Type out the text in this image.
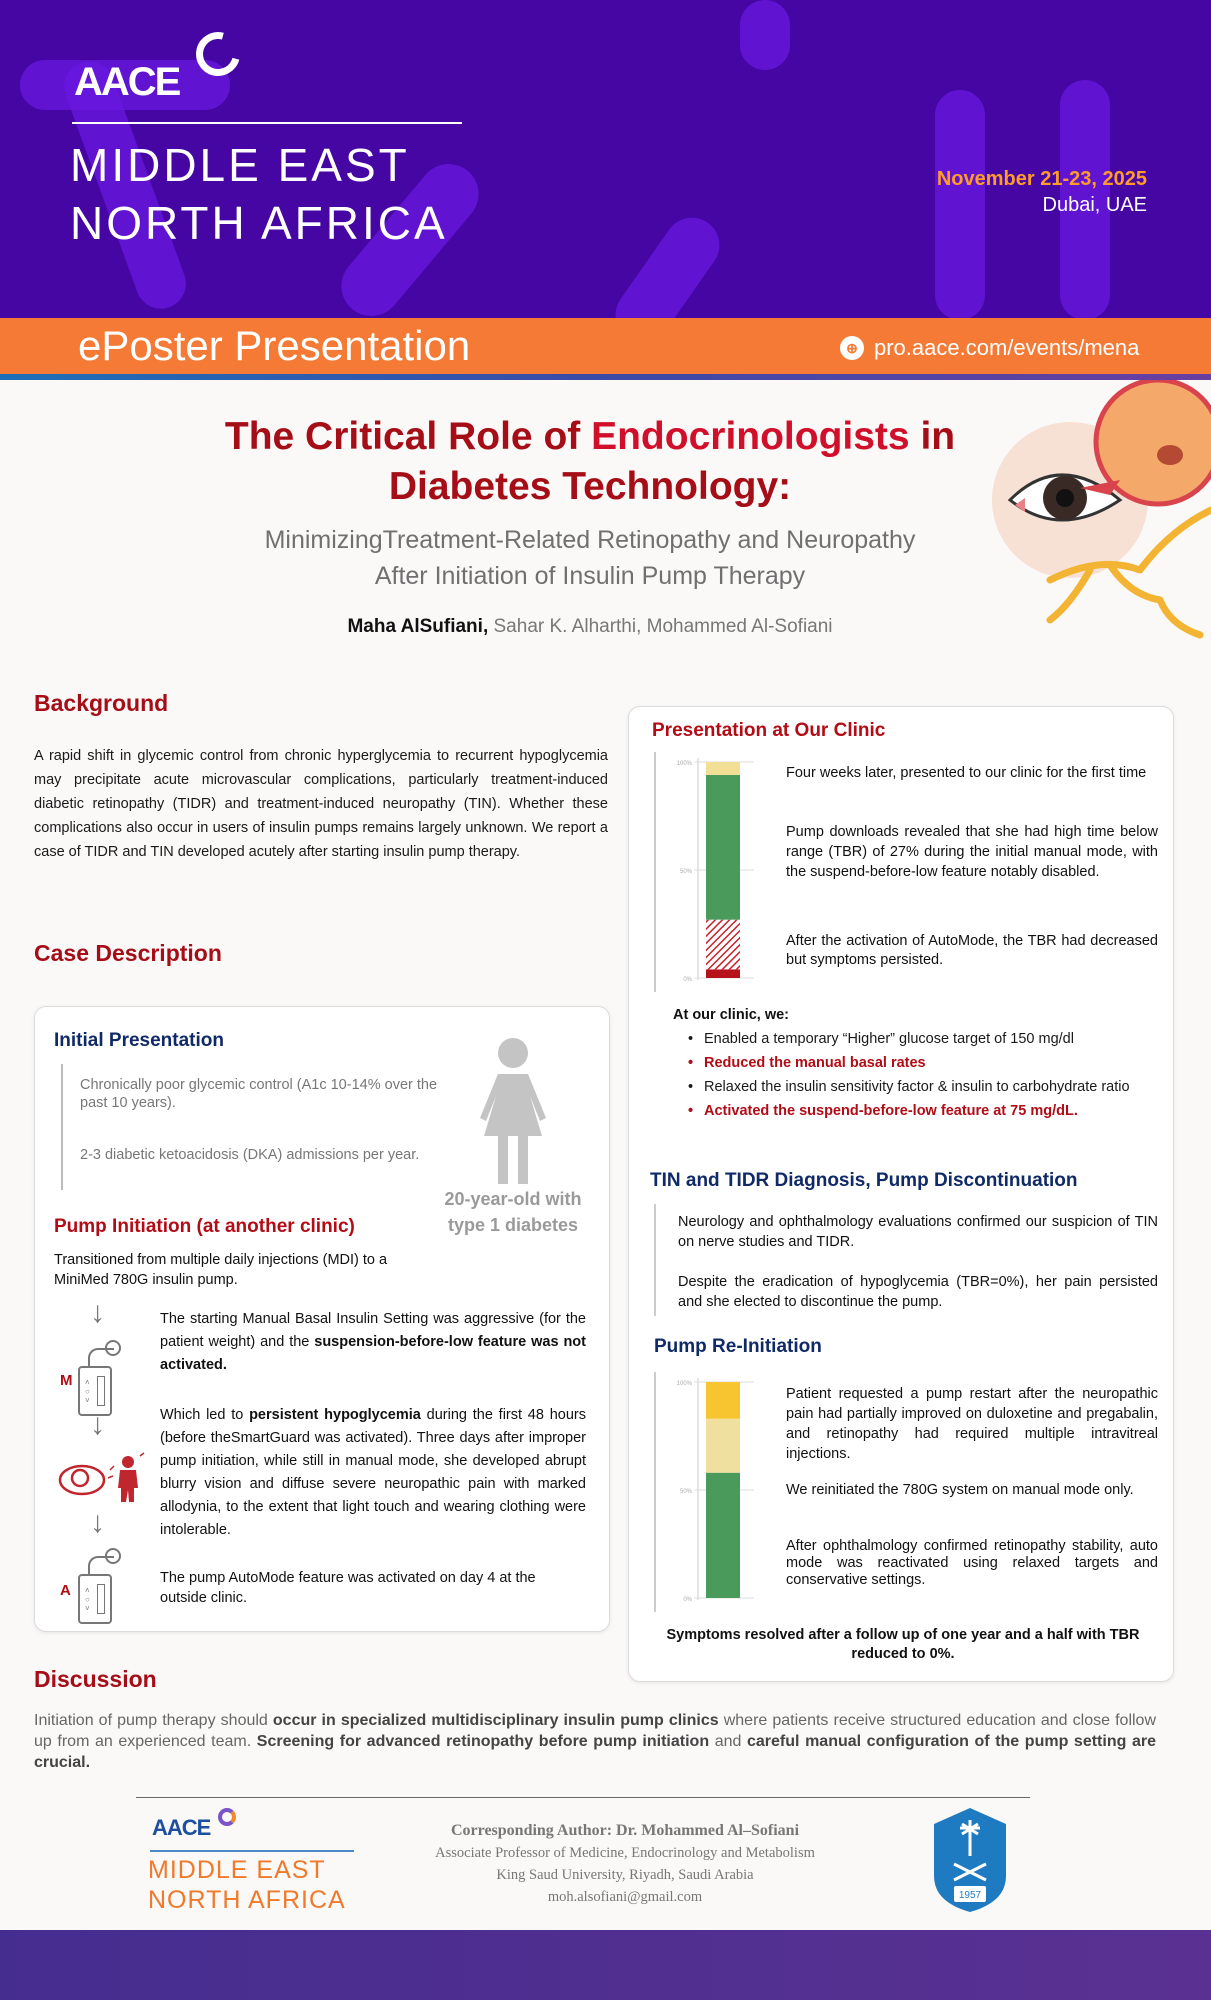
AACE
MIDDLE EAST
NORTH AFRICA
November 21-23, 2025
Dubai, UAE
ePoster Presentation	⊕ pro.aace.com/events/mena
The Critical Role of Endocrinologists in Diabetes Technology:
MinimizingTreatment-Related Retinopathy and Neuropathy
After Initiation of Insulin Pump Therapy
Maha AlSufiani, Sahar K. Alharthi, Mohammed Al-Sofiani
Background
A rapid shift in glycemic control from chronic hyperglycemia to recurrent hypoglycemia may precipitate acute microvascular complications, particularly treatment-induced diabetic retinopathy (TIDR) and treatment-induced neuropathy (TIN). Whether these complications also occur in users of insulin pumps remains largely unknown. We report a case of TIDR and TIN developed acutely after starting insulin pump therapy.
Case Description
Initial Presentation
Chronically poor glycemic control (A1c 10-14% over the past 10 years).
2-3 diabetic ketoacidosis (DKA) admissions per year.
20-year-old with type 1 diabetes
Pump Initiation (at another clinic)
Transitioned from multiple daily injections (MDI) to a MiniMed 780G insulin pump.
↓
˄
○
˅
M
↓
↓
˄
○
˅
A
The starting Manual Basal Insulin Setting was aggressive (for the patient weight) and the suspension-before-low feature was not activated.
Which led to persistent hypoglycemia during the first 48 hours (before theSmartGuard was activated). Three days after improper pump initiation, while still in manual mode, she developed abrupt blurry vision and diffuse severe neuropathic pain with marked allodynia, to the extent that light touch and wearing clothing were intolerable.
The pump AutoMode feature was activated on day 4 at the outside clinic.
Presentation at Our Clinic
0%
50%
100%
Four weeks later, presented to our clinic for the first time
Pump downloads revealed that she had high time below range (TBR) of 27% during the initial manual mode, with the suspend-before-low feature notably disabled.
After the activation of AutoMode, the TBR had decreased but symptoms persisted.
At our clinic, we:
• Enabled a temporary “Higher” glucose target of 150 mg/dl
• Reduced the manual basal rates
• Relaxed the insulin sensitivity factor & insulin to carbohydrate ratio
• Activated the suspend-before-low feature at 75 mg/dL.
TIN and TIDR Diagnosis, Pump Discontinuation
Neurology and ophthalmology evaluations confirmed our suspicion of TIN on nerve studies and TIDR.
Despite the eradication of hypoglycemia (TBR=0%), her pain persisted and she elected to discontinue the pump.
Pump Re-Initiation
0%
50%
100%
Patient requested a pump restart after the neuropathic pain had partially improved on duloxetine and pregabalin, and retinopathy had required multiple intravitreal injections.
We reinitiated the 780G system on manual mode only.
After ophthalmology confirmed retinopathy stability, auto mode was reactivated using relaxed targets and conservative settings.
Symptoms resolved after a follow up of one year and a half with TBR reduced to 0%.
Discussion
Initiation of pump therapy should occur in specialized multidisciplinary insulin pump clinics where patients receive structured education and close follow up from an experienced team. Screening for advanced retinopathy before pump initiation and careful manual configuration of the pump setting are crucial.
AACE
MIDDLE EAST
NORTH AFRICA
Corresponding Author: Dr. Mohammed Al–Sofiani
Associate Professor of Medicine, Endocrinology and Metabolism
King Saud University, Riyadh, Saudi Arabia
moh.alsofiani@gmail.com	1957
